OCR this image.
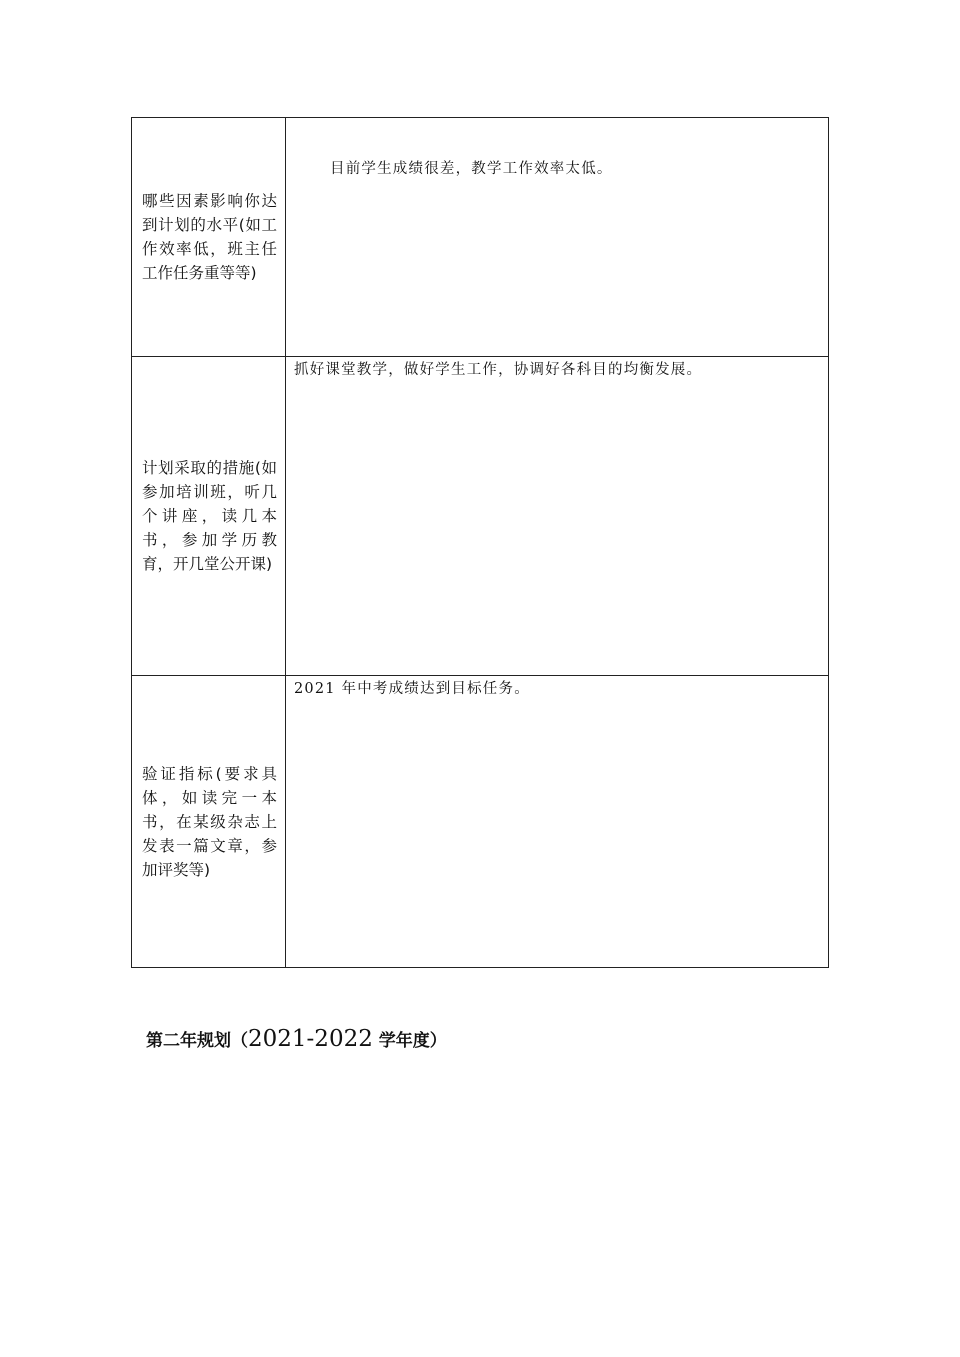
哪些因素影响你达到计划的水平(如工作效率低，班主任工作任务重等等)	目前学生成绩很差，教学工作效率太低。

计划采取的措施(如参加培训班，听几个讲座，读几本书，参加学历教育，开几堂公开课)	抓好课堂教学，做好学生工作，协调好各科目的均衡发展。

验证指标(要求具体，如读完一本书，在某级杂志上发表一篇文章，参加评奖等)	2021 年中考成绩达到目标任务。
第二年规划（2021-2022 学年度）
